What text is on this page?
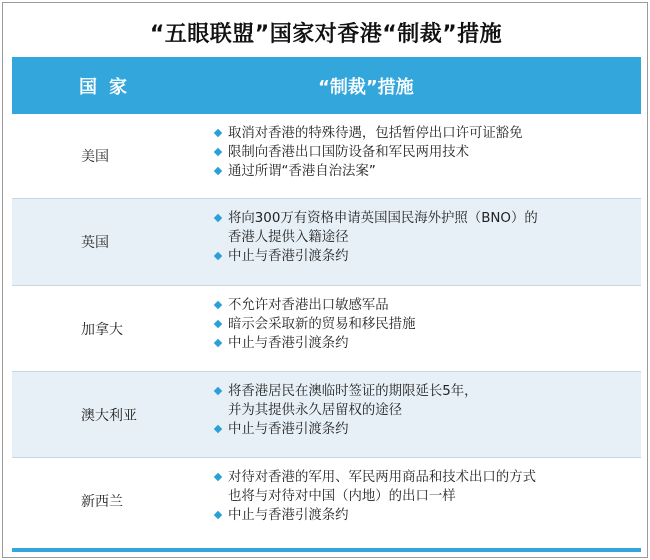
“五眼联盟”国家对香港“制裁”措施
国家	“制裁”措施
美国
取消对香港的特殊待遇，包括暂停出口许可证豁免
限制向香港出口国防设备和军民两用技术
通过所谓“香港自治法案”
英国
将向300万有资格申请英国国民海外护照（BNO）的
香港人提供入籍途径
中止与香港引渡条约
加拿大
不允许对香港出口敏感军品
暗示会采取新的贸易和移民措施
中止与香港引渡条约
澳大利亚
将香港居民在澳临时签证的期限延长5年，
并为其提供永久居留权的途径
中止与香港引渡条约
新西兰
对待对香港的军用、军民两用商品和技术出口的方式
也将与对待对中国（内地）的出口一样
中止与香港引渡条约
